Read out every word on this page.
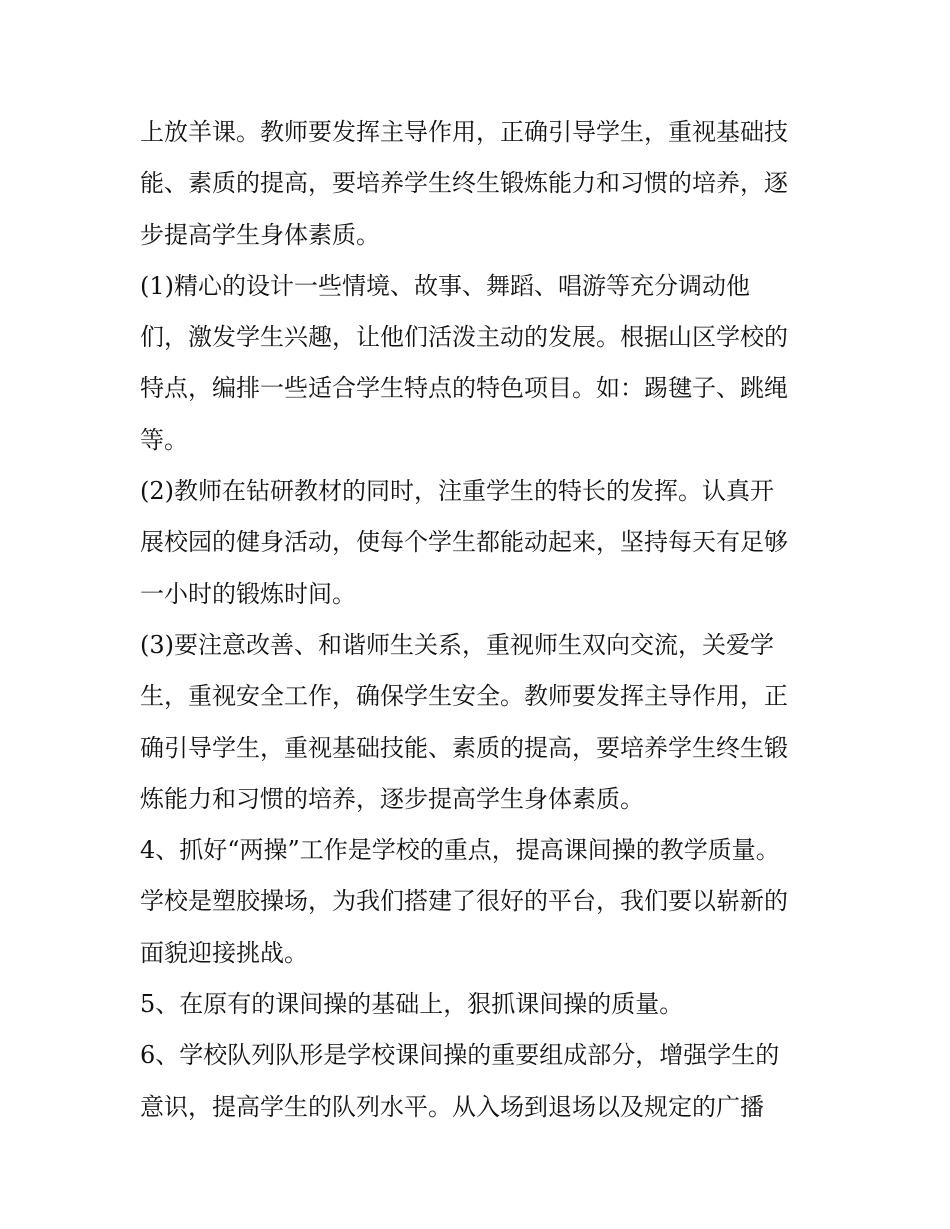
上放羊课。教师要发挥主导作用，正确引导学生，重视基础技
能、素质的提高，要培养学生终生锻炼能力和习惯的培养，逐
步提高学生身体素质。
(1)精心的设计一些情境、故事、舞蹈、唱游等充分调动他
们，激发学生兴趣，让他们活泼主动的发展。根据山区学校的
特点，编排一些适合学生特点的特色项目。如：踢毽子、跳绳
等。
(2)教师在钻研教材的同时，注重学生的特长的发挥。认真开
展校园的健身活动，使每个学生都能动起来，坚持每天有足够
一小时的锻炼时间。
(3)要注意改善、和谐师生关系，重视师生双向交流，关爱学
生，重视安全工作，确保学生安全。教师要发挥主导作用，正
确引导学生，重视基础技能、素质的提高，要培养学生终生锻
炼能力和习惯的培养，逐步提高学生身体素质。
4、抓好“两操”工作是学校的重点，提高课间操的教学质量。
学校是塑胶操场，为我们搭建了很好的平台，我们要以崭新的
面貌迎接挑战。
5、在原有的课间操的基础上，狠抓课间操的质量。
6、学校队列队形是学校课间操的重要组成部分，增强学生的
意识，提高学生的队列水平。从入场到退场以及规定的广播
